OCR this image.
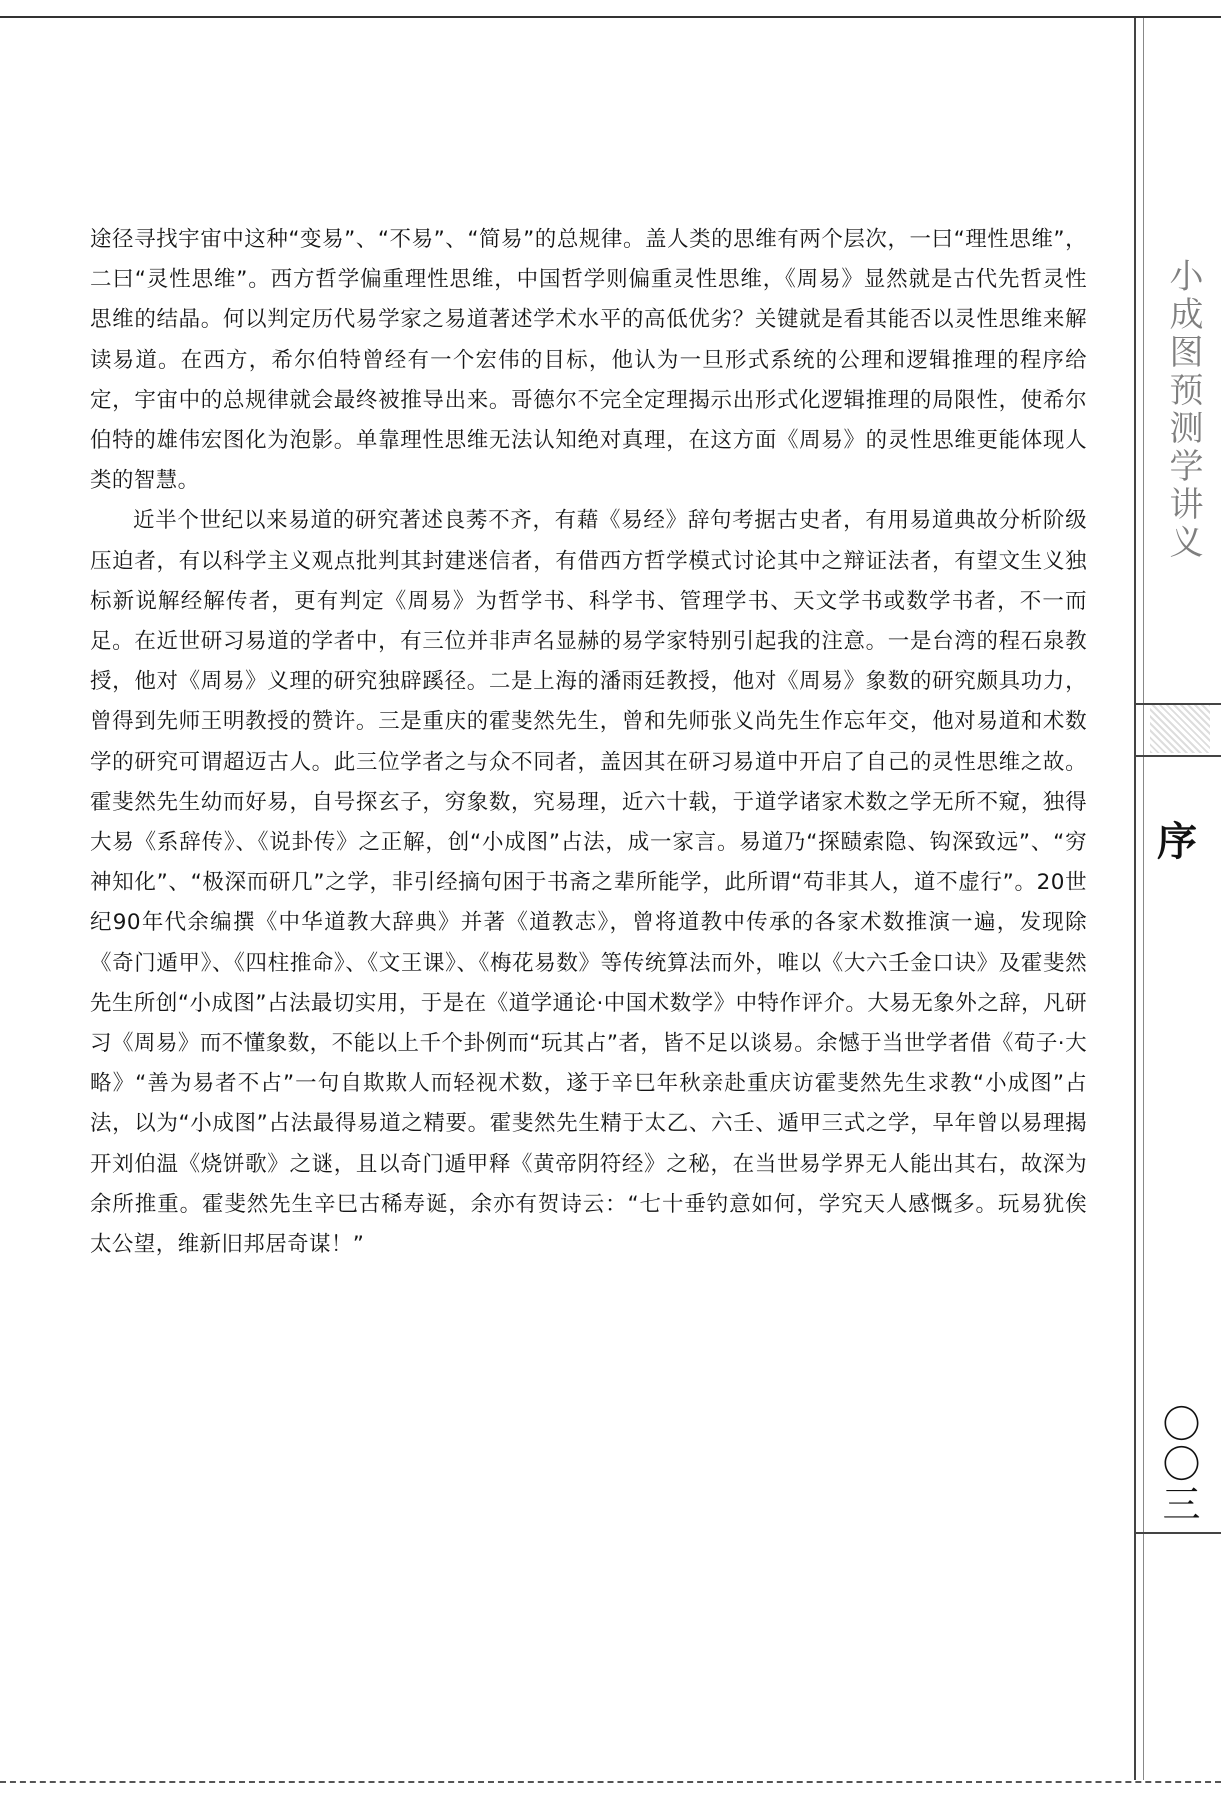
小成图预测学讲义
序
〇〇三

途径寻找宇宙中这种“变易”、“不易”、“简易”的总规律。盖人类的思维有两个层次，一曰“理性思维”，二曰“灵性思维”。西方哲学偏重理性思维，中国哲学则偏重灵性思维，《周易》显然就是古代先哲灵性思维的结晶。何以判定历代易学家之易道著述学术水平的高低优劣？关键就是看其能否以灵性思维来解读易道。在西方，希尔伯特曾经有一个宏伟的目标，他认为一旦形式系统的公理和逻辑推理的程序给定，宇宙中的总规律就会最终被推导出来。哥德尔不完全定理揭示出形式化逻辑推理的局限性，使希尔伯特的雄伟宏图化为泡影。单靠理性思维无法认知绝对真理，在这方面《周易》的灵性思维更能体现人类的智慧。

近半个世纪以来易道的研究著述良莠不齐，有藉《易经》辞句考据古史者，有用易道典故分析阶级压迫者，有以科学主义观点批判其封建迷信者，有借西方哲学模式讨论其中之辩证法者，有望文生义独标新说解经解传者，更有判定《周易》为哲学书、科学书、管理学书、天文学书或数学书者，不一而足。在近世研习易道的学者中，有三位并非声名显赫的易学家特别引起我的注意。一是台湾的程石泉教授，他对《周易》义理的研究独辟蹊径。二是上海的潘雨廷教授，他对《周易》象数的研究颇具功力，曾得到先师王明教授的赞许。三是重庆的霍斐然先生，曾和先师张义尚先生作忘年交，他对易道和术数学的研究可谓超迈古人。此三位学者之与众不同者，盖因其在研习易道中开启了自己的灵性思维之故。霍斐然先生幼而好易，自号探玄子，穷象数，究易理，近六十载，于道学诸家术数之学无所不窥，独得大易《系辞传》、《说卦传》之正解，创“小成图”占法，成一家言。易道乃“探赜索隐、钩深致远”、“穷神知化”、“极深而研几”之学，非引经摘句困于书斋之辈所能学，此所谓“苟非其人，道不虚行”。20世纪90年代余编撰《中华道教大辞典》并著《道教志》，曾将道教中传承的各家术数推演一遍，发现除《奇门遁甲》、《四柱推命》、《文王课》、《梅花易数》等传统算法而外，唯以《大六壬金口诀》及霍斐然先生所创“小成图”占法最切实用，于是在《道学通论·中国术数学》中特作评介。大易无象外之辞，凡研习《周易》而不懂象数，不能以上千个卦例而“玩其占”者，皆不足以谈易。余憾于当世学者借《荀子·大略》“善为易者不占”一句自欺欺人而轻视术数，遂于辛巳年秋亲赴重庆访霍斐然先生求教“小成图”占法，以为“小成图”占法最得易道之精要。霍斐然先生精于太乙、六壬、遁甲三式之学，早年曾以易理揭开刘伯温《烧饼歌》之谜，且以奇门遁甲释《黄帝阴符经》之秘，在当世易学界无人能出其右，故深为余所推重。霍斐然先生辛巳古稀寿诞，余亦有贺诗云：“七十垂钓意如何，学究天人感慨多。玩易犹俟太公望，维新旧邦居奇谋！”
